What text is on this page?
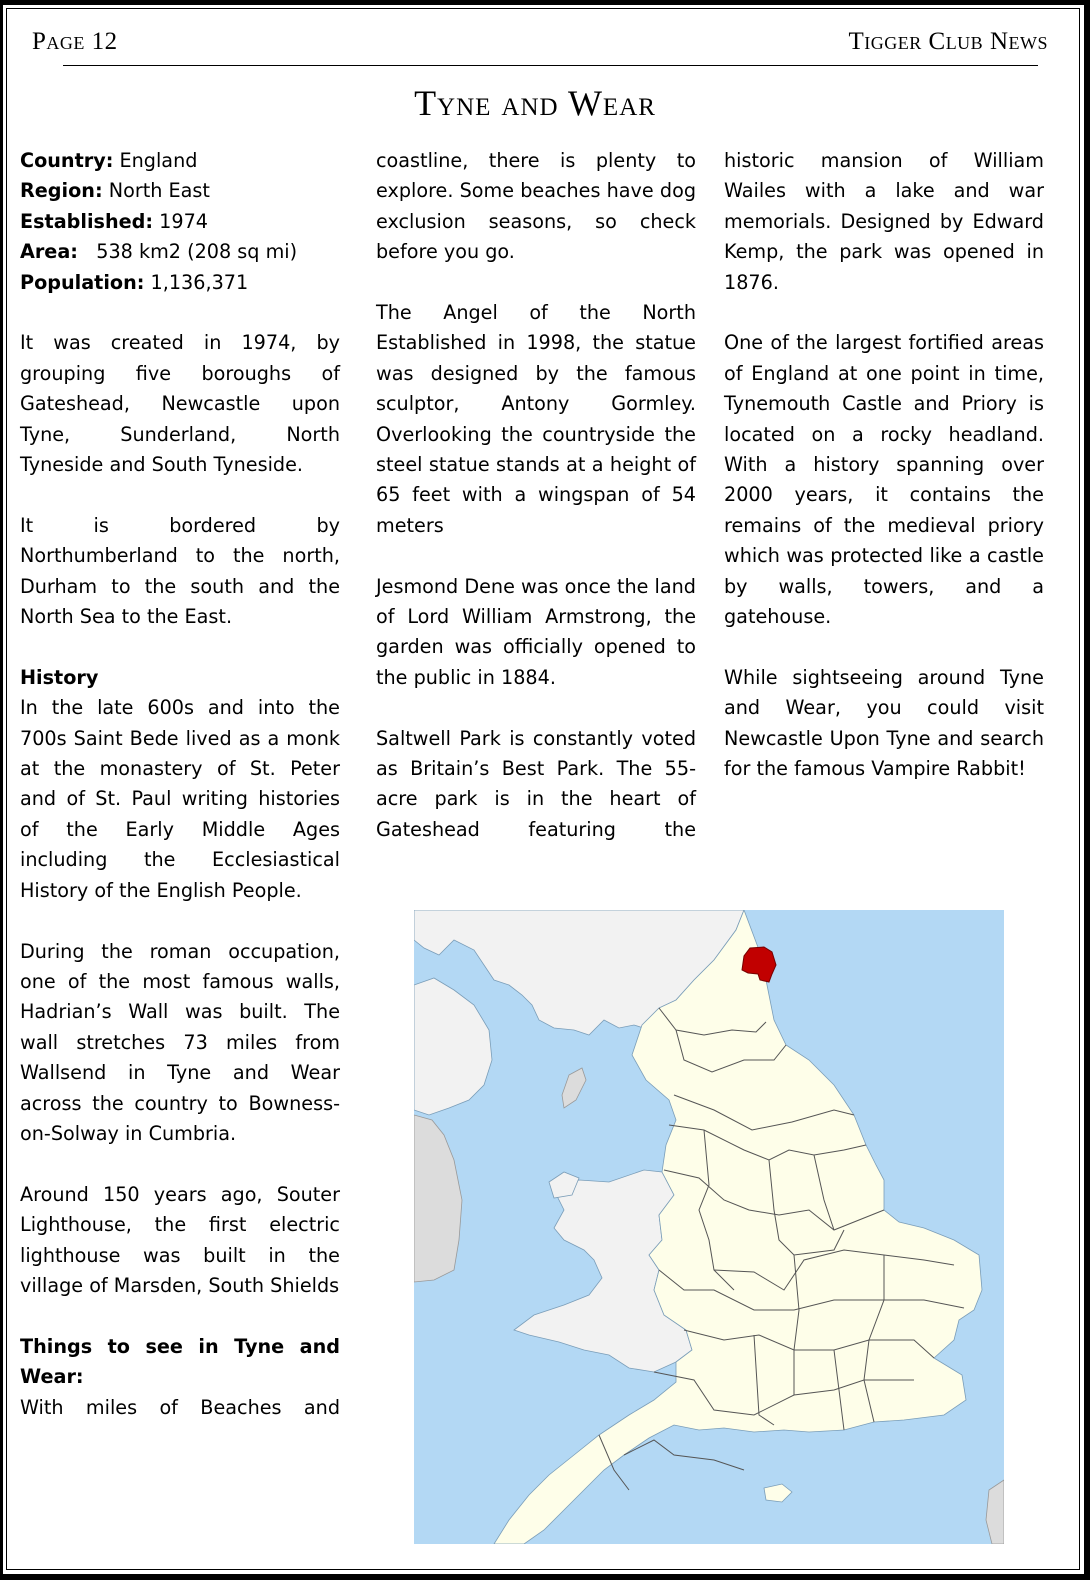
Page 12	Tigger Club News
Tyne and Wear
Country: England
Region: North East
Established: 1974
Area: 538 km2 (208 sq mi)
Population: 1,136,371

It was created in 1974, by grouping five boroughs of Gateshead, Newcastle upon Tyne, Sunderland, North Tyneside and South Tyneside.

It is bordered by Northumberland to the north, Durham to the south and the North Sea to the East.

History

In the late 600s and into the 700s Saint Bede lived as a monk at the monastery of St. Peter and of St. Paul writing histories of the Early Middle Ages including the Ecclesiastical History of the English People.

During the roman occupation, one of the most famous walls, Hadrian’s Wall was built. The wall stretches 73 miles from Wallsend in Tyne and Wear across the country to Bowness-on-Solway in Cumbria.

Around 150 years ago, Souter Lighthouse, the first electric lighthouse was built in the village of Marsden, South Shields

Things to see in Tyne and Wear:

With miles of Beaches and

coastline, there is plenty to explore. Some beaches have dog exclusion seasons, so check before you go.

The Angel of the North Established in 1998, the statue was designed by the famous sculptor, Antony Gormley. Overlooking the countryside the steel statue stands at a height of 65 feet with a wingspan of 54 meters

Jesmond Dene was once the land of Lord William Armstrong, the garden was officially opened to the public in 1884.

Saltwell Park is constantly voted as Britain’s Best Park. The 55-acre park is in the heart of Gateshead featuring the

historic mansion of William Wailes with a lake and war memorials. Designed by Edward Kemp, the park was opened in 1876.

One of the largest fortified areas of England at one point in time, Tynemouth Castle and Priory is located on a rocky headland. With a history spanning over 2000 years, it contains the remains of the medieval priory which was protected like a castle by walls, towers, and a gatehouse.

While sightseeing around Tyne and Wear, you could visit Newcastle Upon Tyne and search for the famous Vampire Rabbit!
